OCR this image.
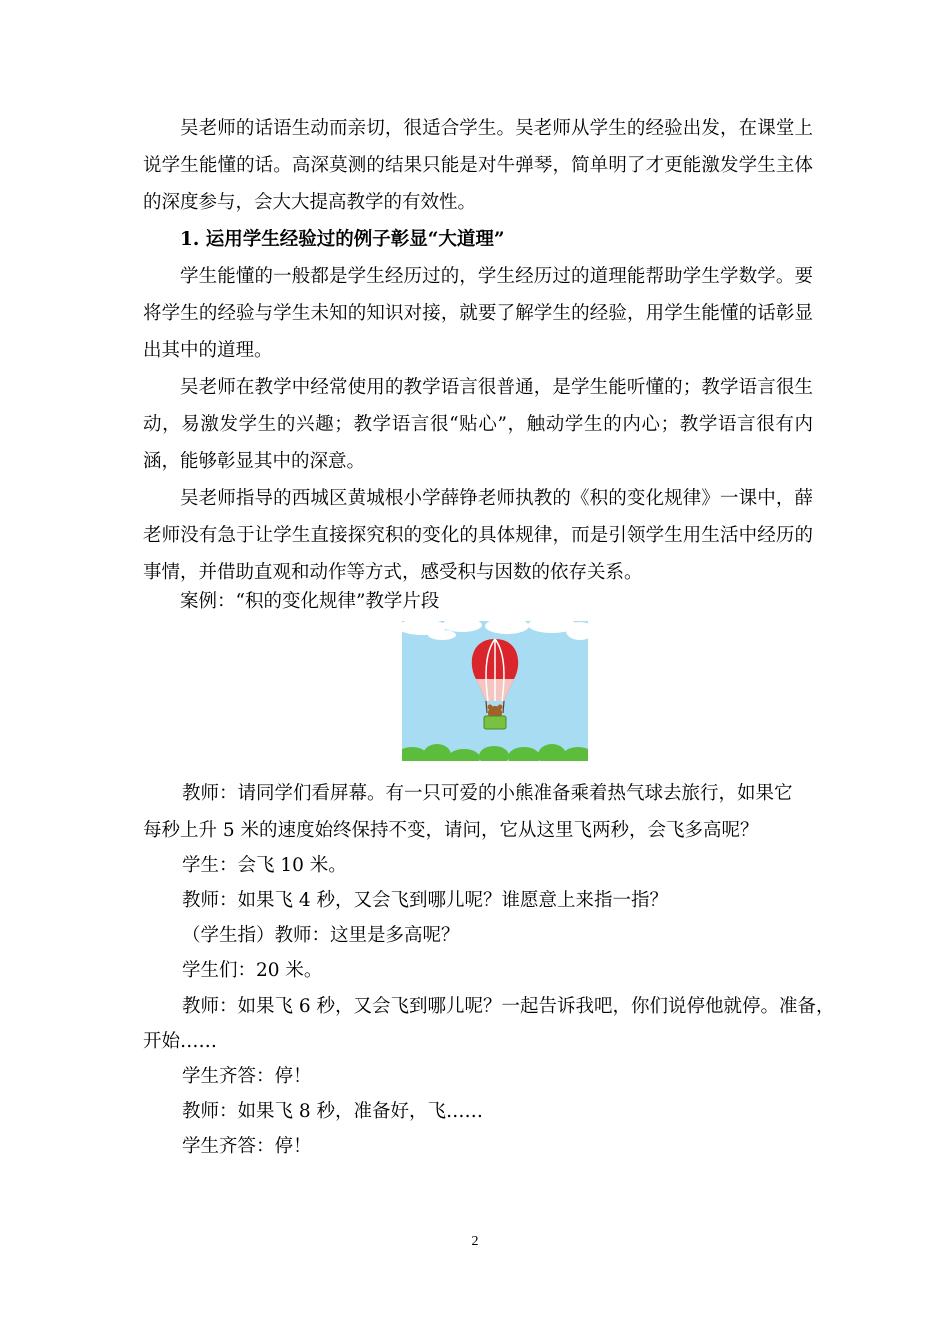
吴老师的话语生动而亲切，很适合学生。吴老师从学生的经验出发，在课堂上说学生能懂的话。高深莫测的结果只能是对牛弹琴，简单明了才更能激发学生主体的深度参与，会大大提高教学的有效性。

1. 运用学生经验过的例子彰显“大道理”

学生能懂的一般都是学生经历过的，学生经历过的道理能帮助学生学数学。要将学生的经验与学生未知的知识对接，就要了解学生的经验，用学生能懂的话彰显出其中的道理。

吴老师在教学中经常使用的教学语言很普通，是学生能听懂的；教学语言很生动，易激发学生的兴趣；教学语言很“贴心”，触动学生的内心；教学语言很有内涵，能够彰显其中的深意。

吴老师指导的西城区黄城根小学薛铮老师执教的《积的变化规律》一课中，薛老师没有急于让学生直接探究积的变化的具体规律，而是引领学生用生活中经历的事情，并借助直观和动作等方式，感受积与因数的依存关系。

案例：“积的变化规律”教学片段

教师：请同学们看屏幕。有一只可爱的小熊准备乘着热气球去旅行，如果它
每秒上升 5 米的速度始终保持不变，请问，它从这里飞两秒，会飞多高呢？
学生：会飞 10 米。
教师：如果飞 4 秒，又会飞到哪儿呢？谁愿意上来指一指？
（学生指）教师：这里是多高呢？
学生们：20 米。
教师：如果飞 6 秒，又会飞到哪儿呢？一起告诉我吧，你们说停他就停。准备，
开始……
学生齐答：停！
教师：如果飞 8 秒，准备好，飞……
学生齐答：停！
2
